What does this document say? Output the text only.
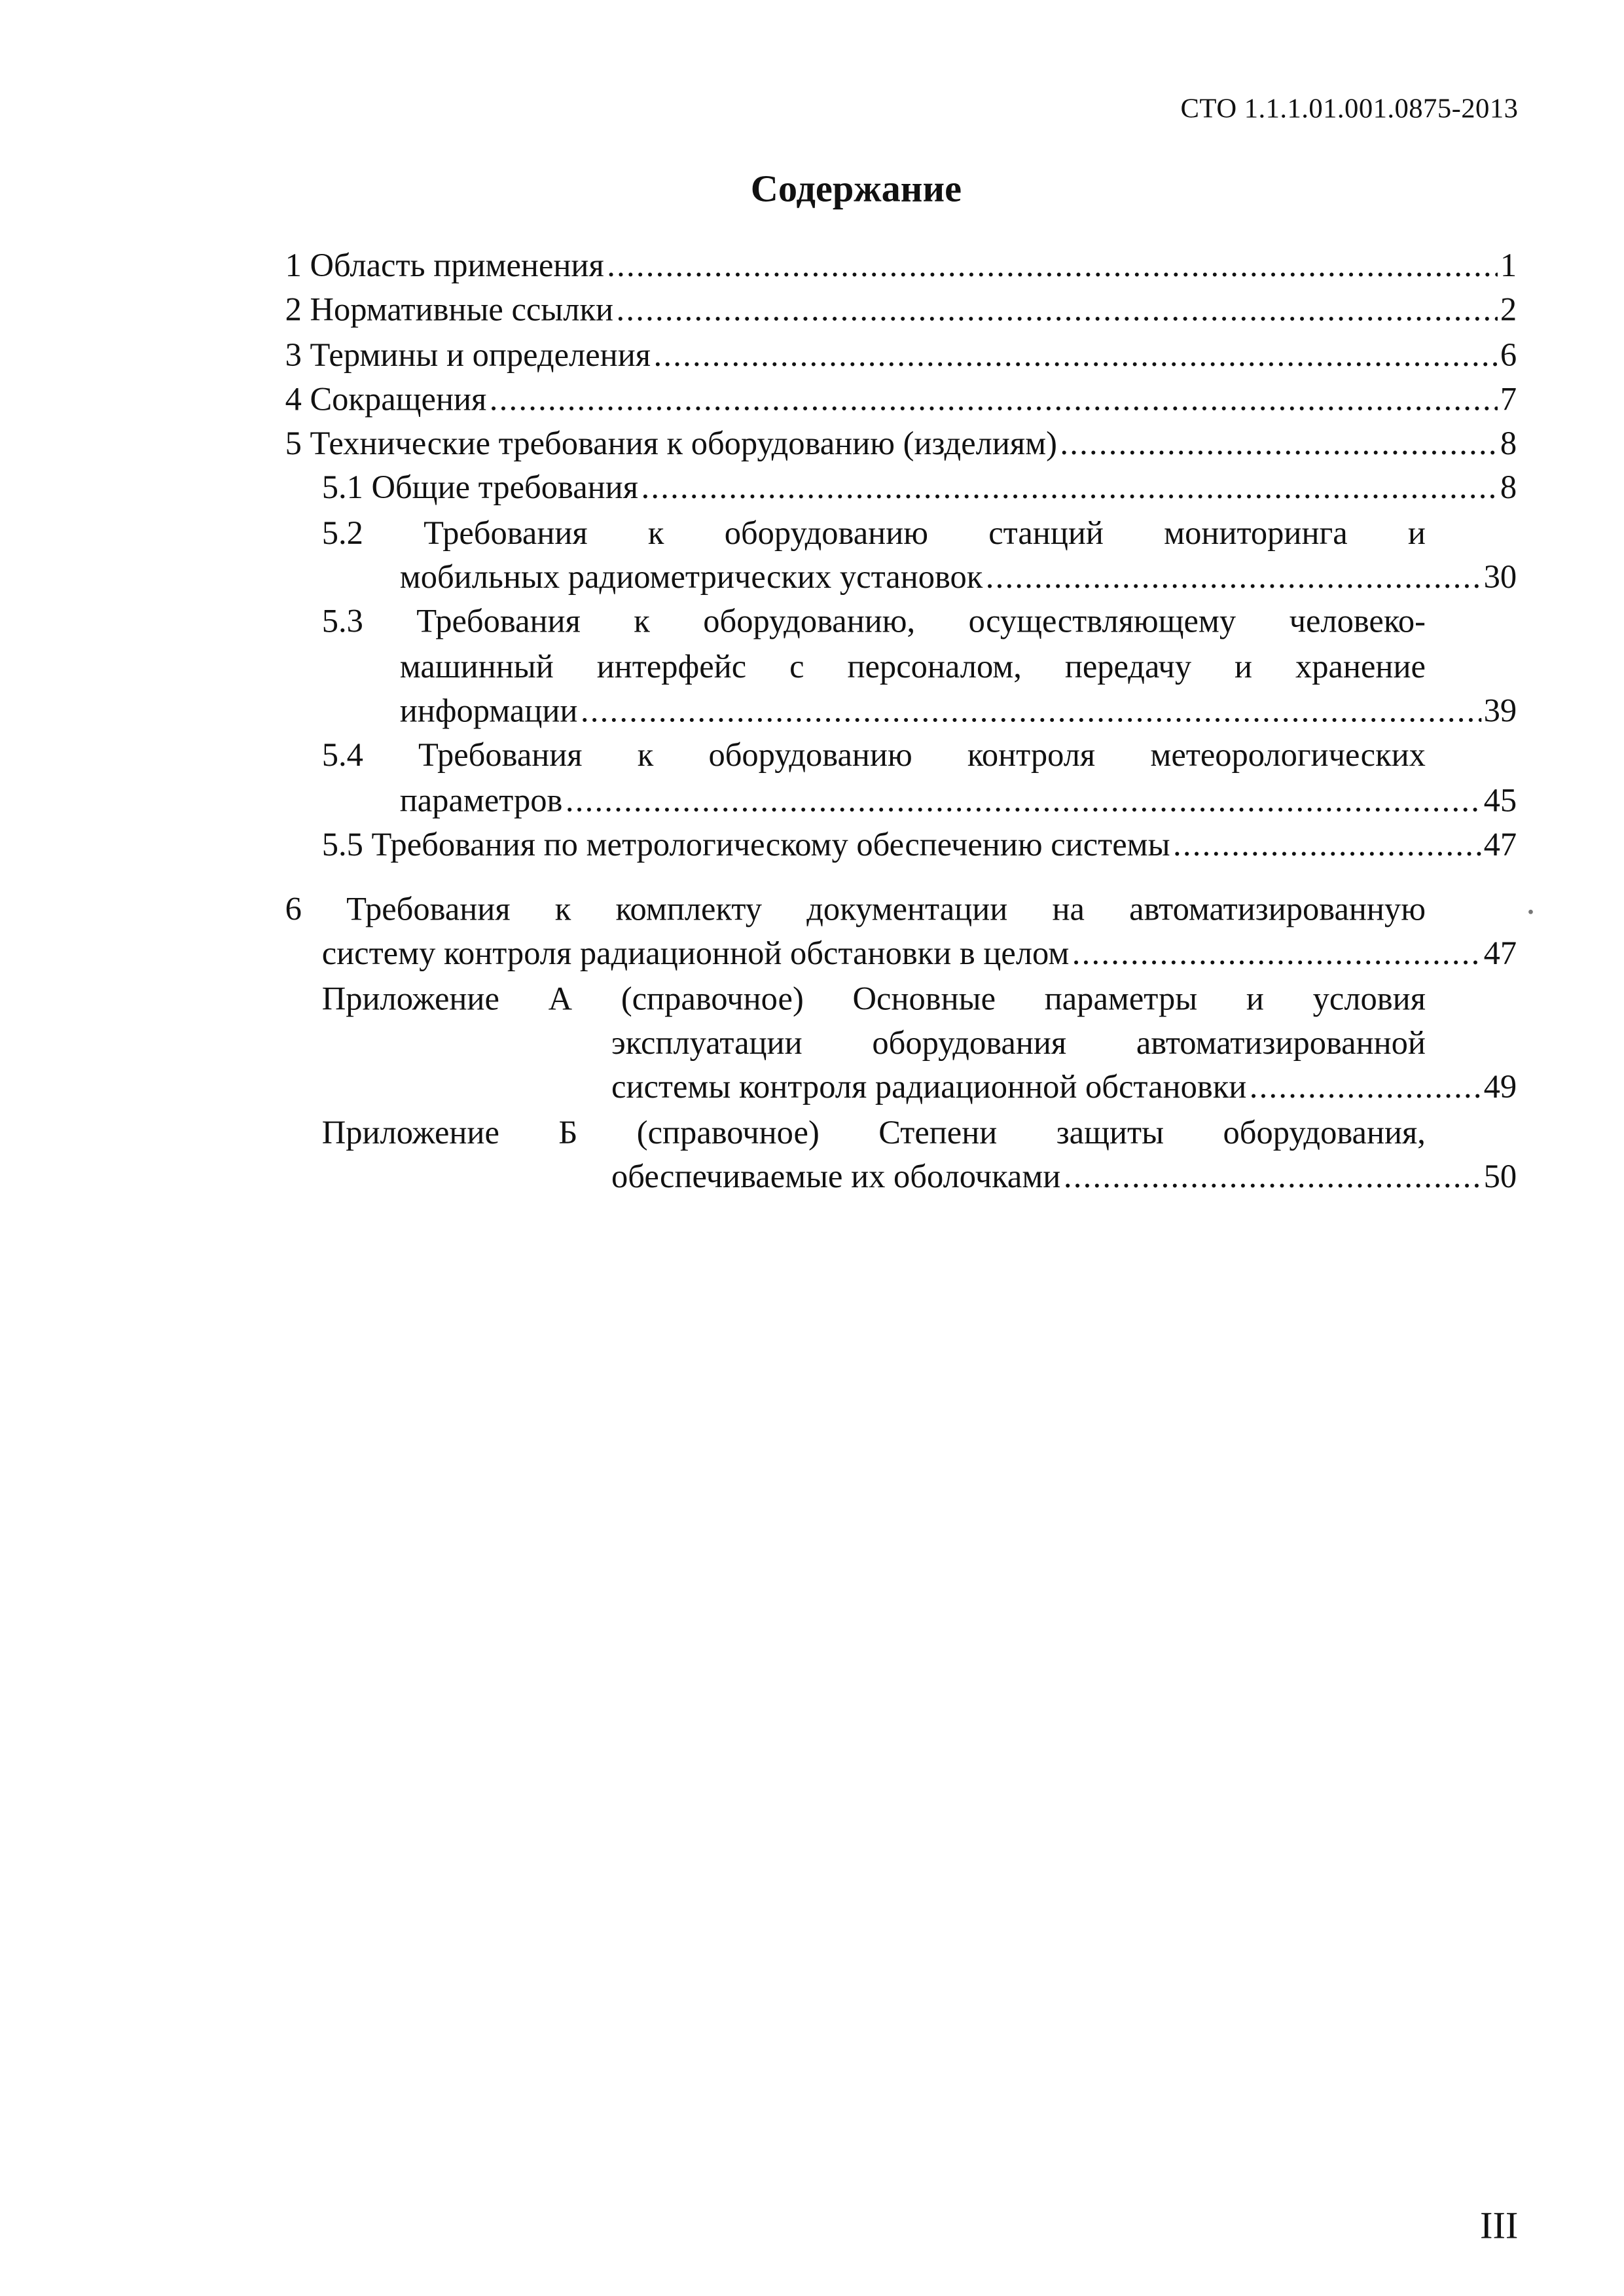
СТО 1.1.1.01.001.0875-2013
Содержание
1 Область применения .....	1
2 Нормативные ссылки .....	2
3 Термины и определения .....	6
4 Сокращения .....	7
5 Технические требования к оборудованию (изделиям) .....	8
5.1 Общие требования .....	8
5.2 Требования к оборудованию станций мониторинга и
мобильных радиометрических установок .....	30
5.3 Требования к оборудованию, осуществляющему человеко-
машинный интерфейс с персоналом, передачу и хранение
информации .....	39
5.4 Требования к оборудованию контроля метеорологических
параметров .....	45
5.5 Требования по метрологическому обеспечению системы .....	47
6 Требования к комплекту документации на автоматизированную
систему контроля радиационной обстановки в целом .....	47
Приложение А (справочное) Основные параметры и условия
эксплуатации оборудования автоматизированной
системы контроля радиационной обстановки .....	49
Приложение Б (справочное) Степени защиты оборудования,
обеспечиваемые их оболочками .....	50
III
